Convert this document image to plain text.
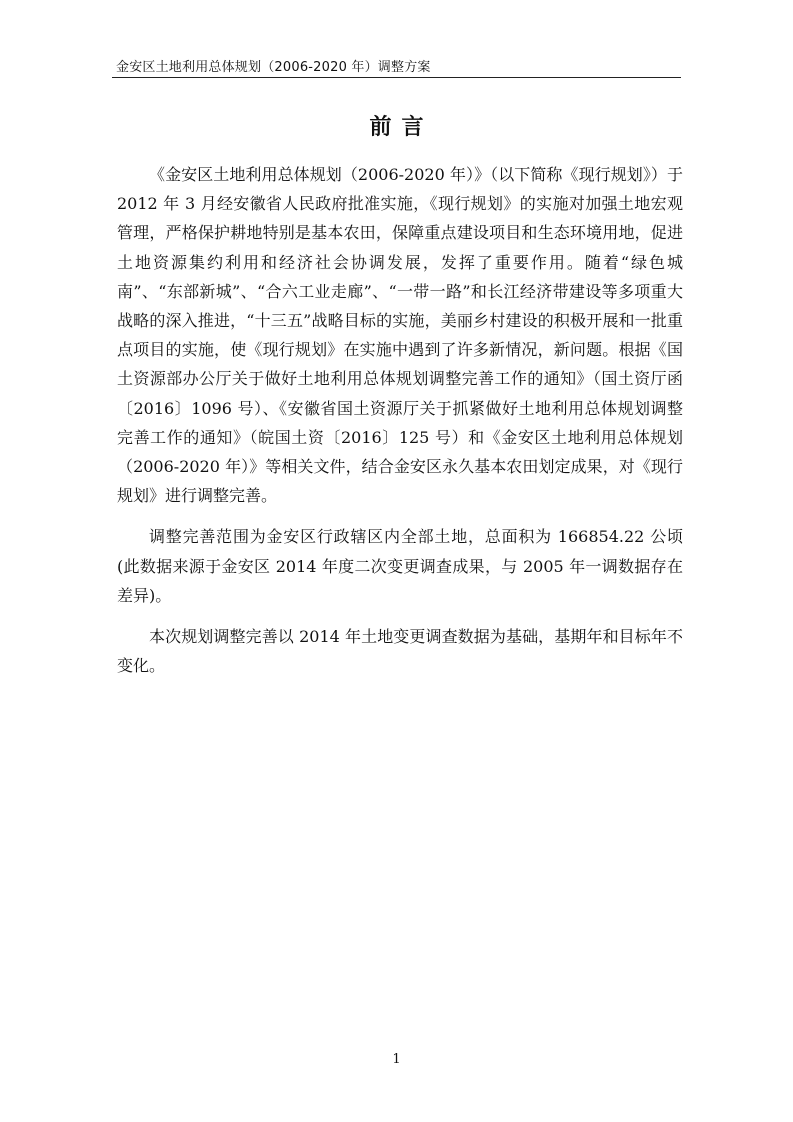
金安区土地利用总体规划（2006-2020 年）调整方案
前言

《金安区土地利用总体规划（2006-2020 年）》（以下简称《现行规划》）于 2012 年 3 月经安徽省人民政府批准实施，《现行规划》的实施对加强土地宏观管理，严格保护耕地特别是基本农田，保障重点建设项目和生态环境用地，促进土地资源集约利用和经济社会协调发展，发挥了重要作用。随着“绿色城南”、“东部新城”、“合六工业走廊”、“一带一路”和长江经济带建设等多项重大战略的深入推进，“十三五”战略目标的实施，美丽乡村建设的积极开展和一批重点项目的实施，使《现行规划》在实施中遇到了许多新情况，新问题。根据《国土资源部办公厅关于做好土地利用总体规划调整完善工作的通知》（国土资厅函〔2016〕1096 号）、《安徽省国土资源厅关于抓紧做好土地利用总体规划调整完善工作的通知》（皖国土资〔2016〕125 号）和《金安区土地利用总体规划（2006-2020 年）》等相关文件，结合金安区永久基本农田划定成果，对《现行规划》进行调整完善。

调整完善范围为金安区行政辖区内全部土地，总面积为 166854.22 公顷(此数据来源于金安区 2014 年度二次变更调查成果，与 2005 年一调数据存在差异)。

本次规划调整完善以 2014 年土地变更调查数据为基础，基期年和目标年不变化。

1
